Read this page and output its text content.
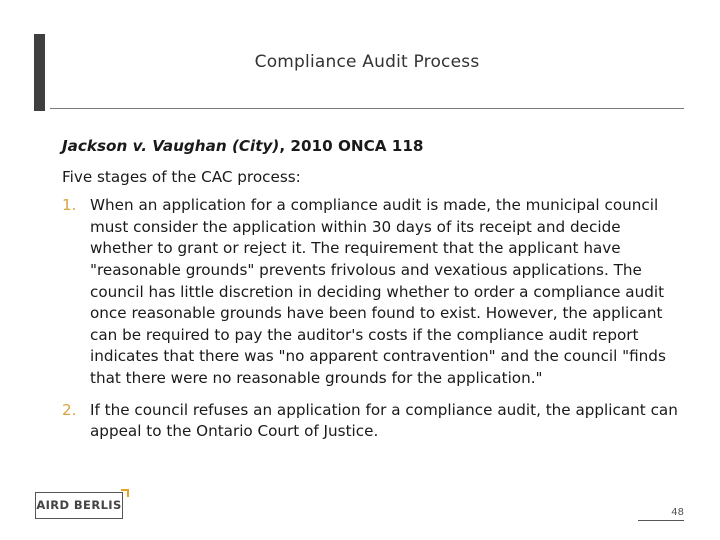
Compliance Audit Process
Jackson v. Vaughan (City), 2010 ONCA 118
Five stages of the CAC process:
1. When an application for a compliance audit is made, the municipal council must consider the application within 30 days of its receipt and decide whether to grant or reject it. The requirement that the applicant have "reasonable grounds" prevents frivolous and vexatious applications. The council has little discretion in deciding whether to order a compliance audit once reasonable grounds have been found to exist. However, the applicant can be required to pay the auditor's costs if the compliance audit report indicates that there was "no apparent contravention" and the council "finds that there were no reasonable grounds for the application."
2. If the council refuses an application for a compliance audit, the applicant can appeal to the Ontario Court of Justice.
AIRD BERLIS
48
